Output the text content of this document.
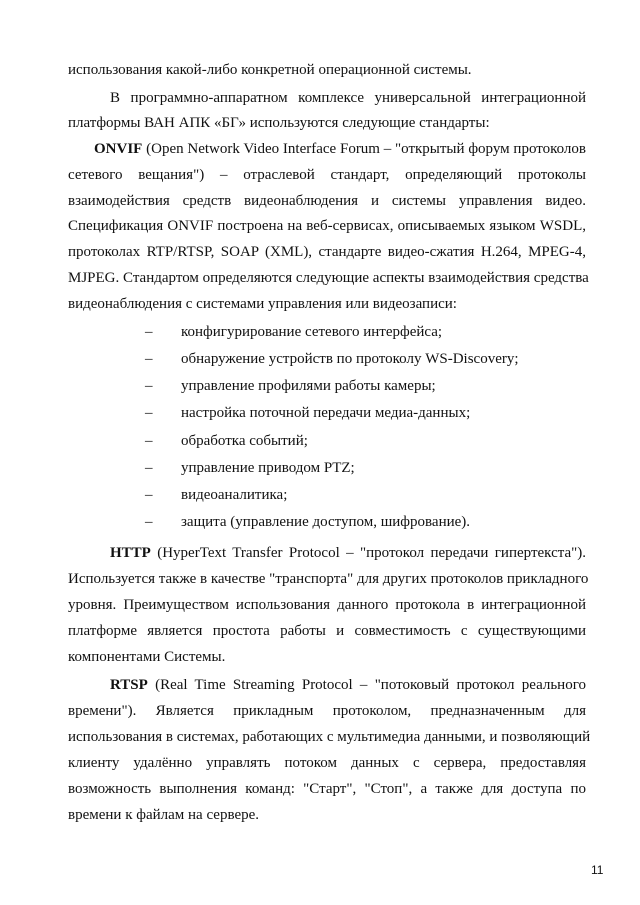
использования какой-либо конкретной операционной системы.
В программно-аппаратном комплексе универсальной интеграционной
платформы ВАН АПК «БГ» используются следующие стандарты:
ONVIF (Open Network Video Interface Forum – "открытый форум протоколов
сетевого вещания") – отраслевой стандарт, определяющий протоколы
взаимодействия средств видеонаблюдения и системы управления видео.
Спецификация ONVIF построена на веб-сервисах, описываемых языком WSDL,
протоколах RTP/RTSP, SOAP (XML), стандарте видео-сжатия H.264, MPEG-4,
MJPEG. Стандартом определяются следующие аспекты взаимодействия средства
видеонаблюдения с системами управления или видеозаписи:
– конфигурирование сетевого интерфейса;
– обнаружение устройств по протоколу WS-Discovery;
– управление профилями работы камеры;
– настройка поточной передачи медиа-данных;
– обработка событий;
– управление приводом PTZ;
– видеоаналитика;
– защита (управление доступом, шифрование).
HTTP (HyperText Transfer Protocol – "протокол передачи гипертекста").
Используется также в качестве "транспорта" для других протоколов прикладного
уровня. Преимуществом использования данного протокола в интеграционной
платформе является простота работы и совместимость с существующими
компонентами Системы.
RTSP (Real Time Streaming Protocol – "потоковый протокол реального
времени"). Является прикладным протоколом, предназначенным для
использования в системах, работающих с мультимедиа данными, и позволяющий
клиенту удалённо управлять потоком данных с сервера, предоставляя
возможность выполнения команд: "Старт", "Стоп", а также для доступа по
времени к файлам на сервере.
11
